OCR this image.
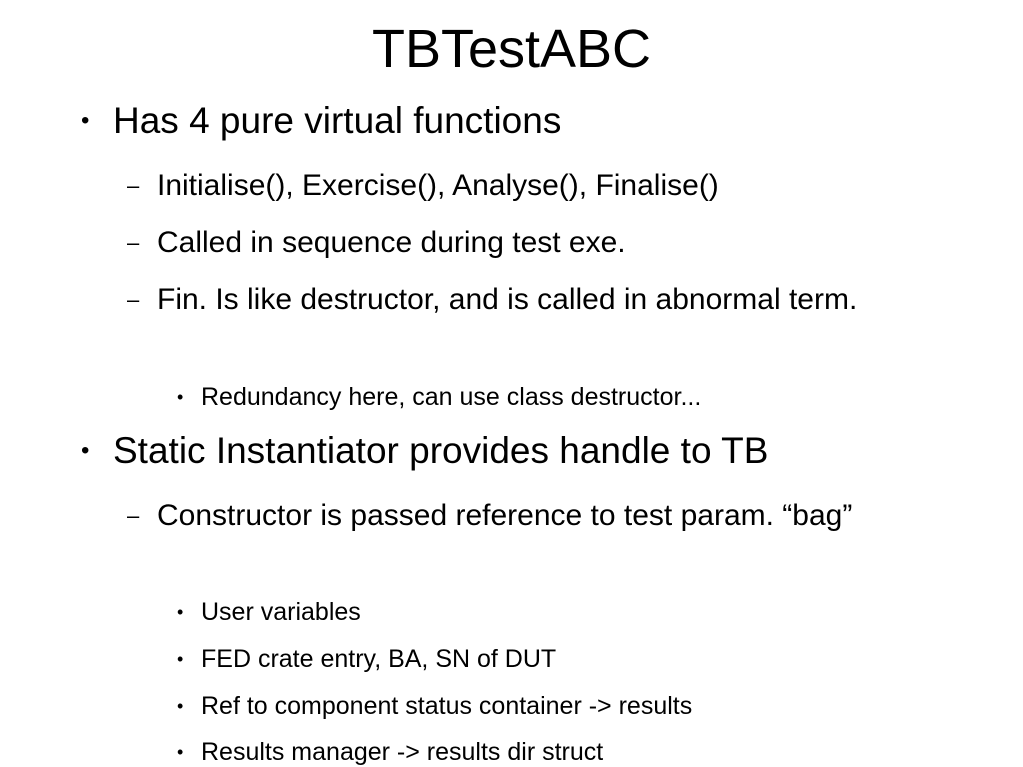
TBTestABC
• Has 4 pure virtual functions
– Initialise(), Exercise(), Analyse(), Finalise()
– Called in sequence during test exe.
– Fin. Is like destructor, and is called in abnormal term.
• Redundancy here, can use class destructor...
• Static Instantiator provides handle to TB
– Constructor is passed reference to test param. “bag”
• User variables
• FED crate entry, BA, SN of DUT
• Ref to component status container -> results
• Results manager -> results dir struct
